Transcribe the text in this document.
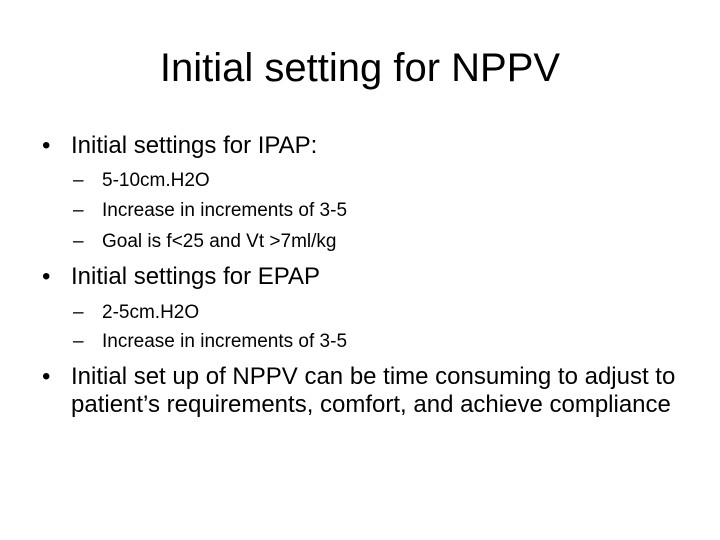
Initial setting for NPPV
• Initial settings for IPAP:
– 5-10cm.H2O
– Increase in increments of 3-5
– Goal is f<25 and Vt >7ml/kg
• Initial settings for EPAP
– 2-5cm.H2O
– Increase in increments of 3-5
• Initial set up of NPPV can be time consuming to adjust to patient’s requirements, comfort, and achieve compliance
